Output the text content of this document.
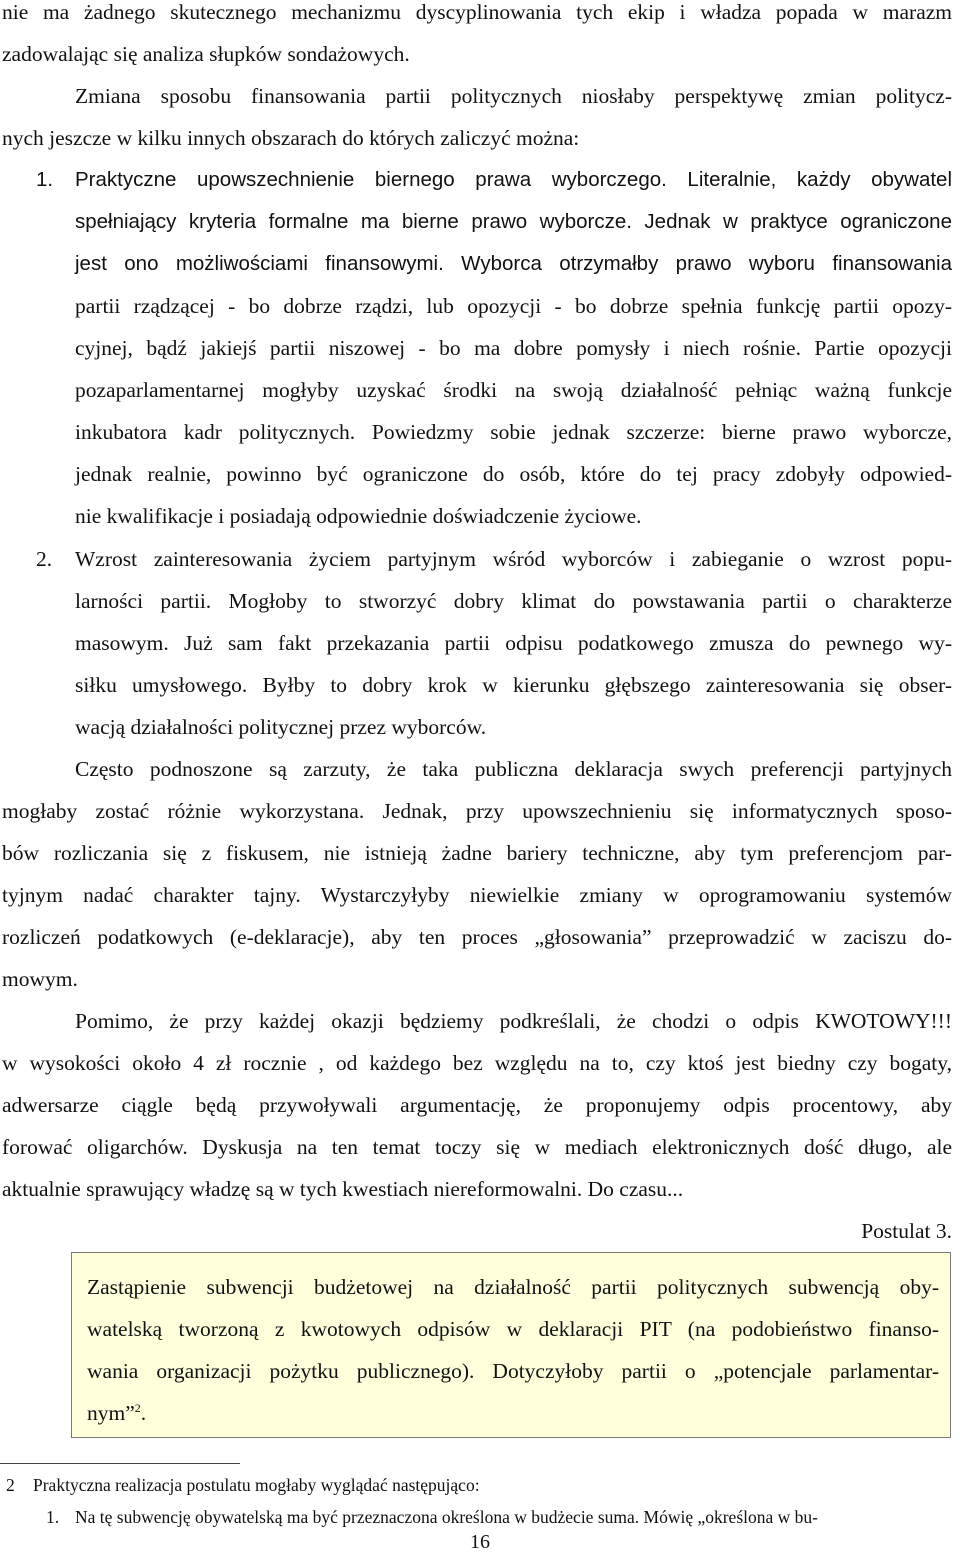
nie ma żadnego skutecznego mechanizmu dyscyplinowania tych ekip i władza popada w marazm
zadowalając się analiza słupków sondażowych.
Zmiana sposobu finansowania partii politycznych niosłaby perspektywę zmian politycz-
nych jeszcze w kilku innych obszarach do których zaliczyć można:
1.	Praktyczne upowszechnienie biernego prawa wyborczego. Literalnie, każdy obywatel
spełniający kryteria formalne ma bierne prawo wyborcze. Jednak w praktyce ograniczone
jest ono możliwościami finansowymi. Wyborca otrzymałby prawo wyboru finansowania
partii rządzącej - bo dobrze rządzi, lub opozycji - bo dobrze spełnia funkcję partii opozy-
cyjnej, bądź jakiejś partii niszowej - bo ma dobre pomysły i niech rośnie. Partie opozycji
pozaparlamentarnej mogłyby uzyskać środki na swoją działalność pełniąc ważną funkcje
inkubatora kadr politycznych. Powiedzmy sobie jednak szczerze: bierne prawo wyborcze,
jednak realnie, powinno być ograniczone do osób, które do tej pracy zdobyły odpowied-
nie kwalifikacje i posiadają odpowiednie doświadczenie życiowe.
2.	Wzrost zainteresowania życiem partyjnym wśród wyborców i zabieganie o wzrost popu-
larności partii. Mogłoby to stworzyć dobry klimat do powstawania partii o charakterze
masowym. Już sam fakt przekazania partii odpisu podatkowego zmusza do pewnego wy-
siłku umysłowego. Byłby to dobry krok w kierunku głębszego zainteresowania się obser-
wacją działalności politycznej przez wyborców.
Często podnoszone są zarzuty, że taka publiczna deklaracja swych preferencji partyjnych
mogłaby zostać różnie wykorzystana. Jednak, przy upowszechnieniu się informatycznych sposo-
bów rozliczania się z fiskusem, nie istnieją żadne bariery techniczne, aby tym preferencjom par-
tyjnym nadać charakter tajny. Wystarczyłyby niewielkie zmiany w oprogramowaniu systemów
rozliczeń podatkowych (e-deklaracje), aby ten proces „głosowania” przeprowadzić w zaciszu do-
mowym.
Pomimo, że przy każdej okazji będziemy podkreślali, że chodzi o odpis KWOTOWY!!!
w wysokości około 4 zł rocznie , od każdego bez względu na to, czy ktoś jest biedny czy bogaty,
adwersarze ciągle będą przywoływali argumentację, że proponujemy odpis procentowy, aby
forować oligarchów. Dyskusja na ten temat toczy się w mediach elektronicznych dość długo, ale
aktualnie sprawujący władzę są w tych kwestiach niereformowalni. Do czasu...
Postulat 3.
Zastąpienie subwencji budżetowej na działalność partii politycznych subwencją oby-
watelską tworzoną z kwotowych odpisów w deklaracji PIT (na podobieństwo finanso-
wania organizacji pożytku publicznego). Dotyczyłoby partii o „potencjale parlamentar-
nym”$^2$.
2 Praktyczna realizacja postulatu mogłaby wyglądać następująco:
1. Na tę subwencję obywatelską ma być przeznaczona określona w budżecie suma. Mówię „określona w bu-
16
